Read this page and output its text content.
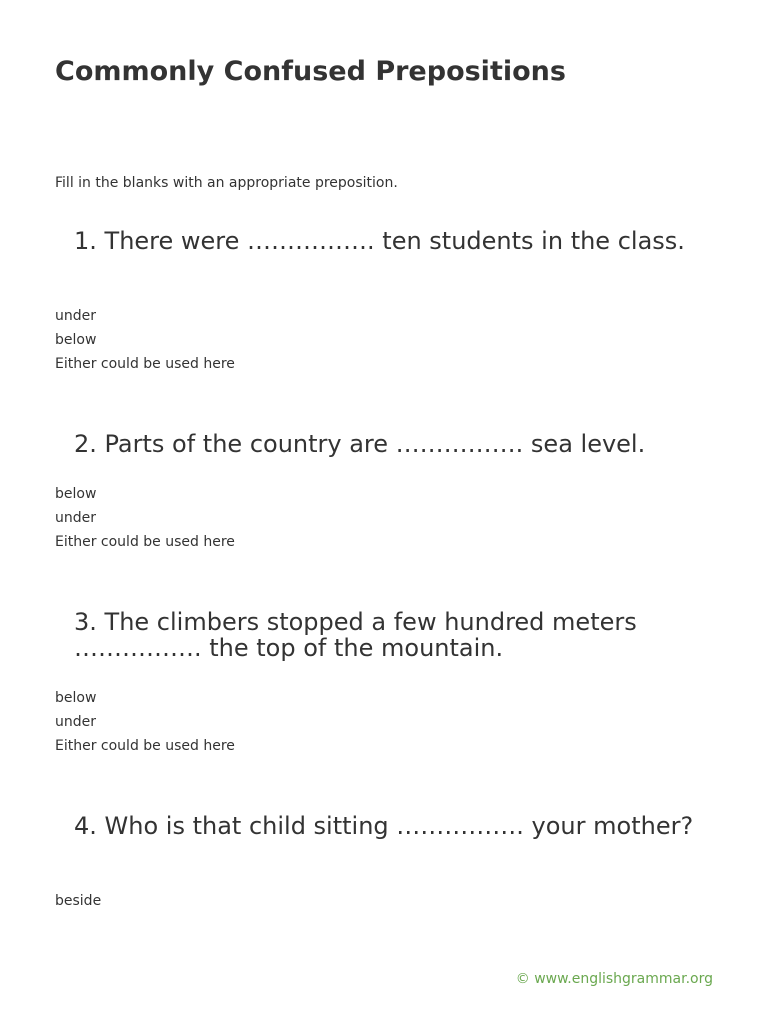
Commonly Confused Prepositions

Fill in the blanks with an appropriate preposition.

1. There were ……………. ten students in the class.
under
below
Either could be used here
2. Parts of the country are ……………. sea level.
below
under
Either could be used here
3. The climbers stopped a few hundred meters ……………. the top of the mountain.
below
under
Either could be used here
4. Who is that child sitting ……………. your mother?
beside
© www.englishgrammar.org
